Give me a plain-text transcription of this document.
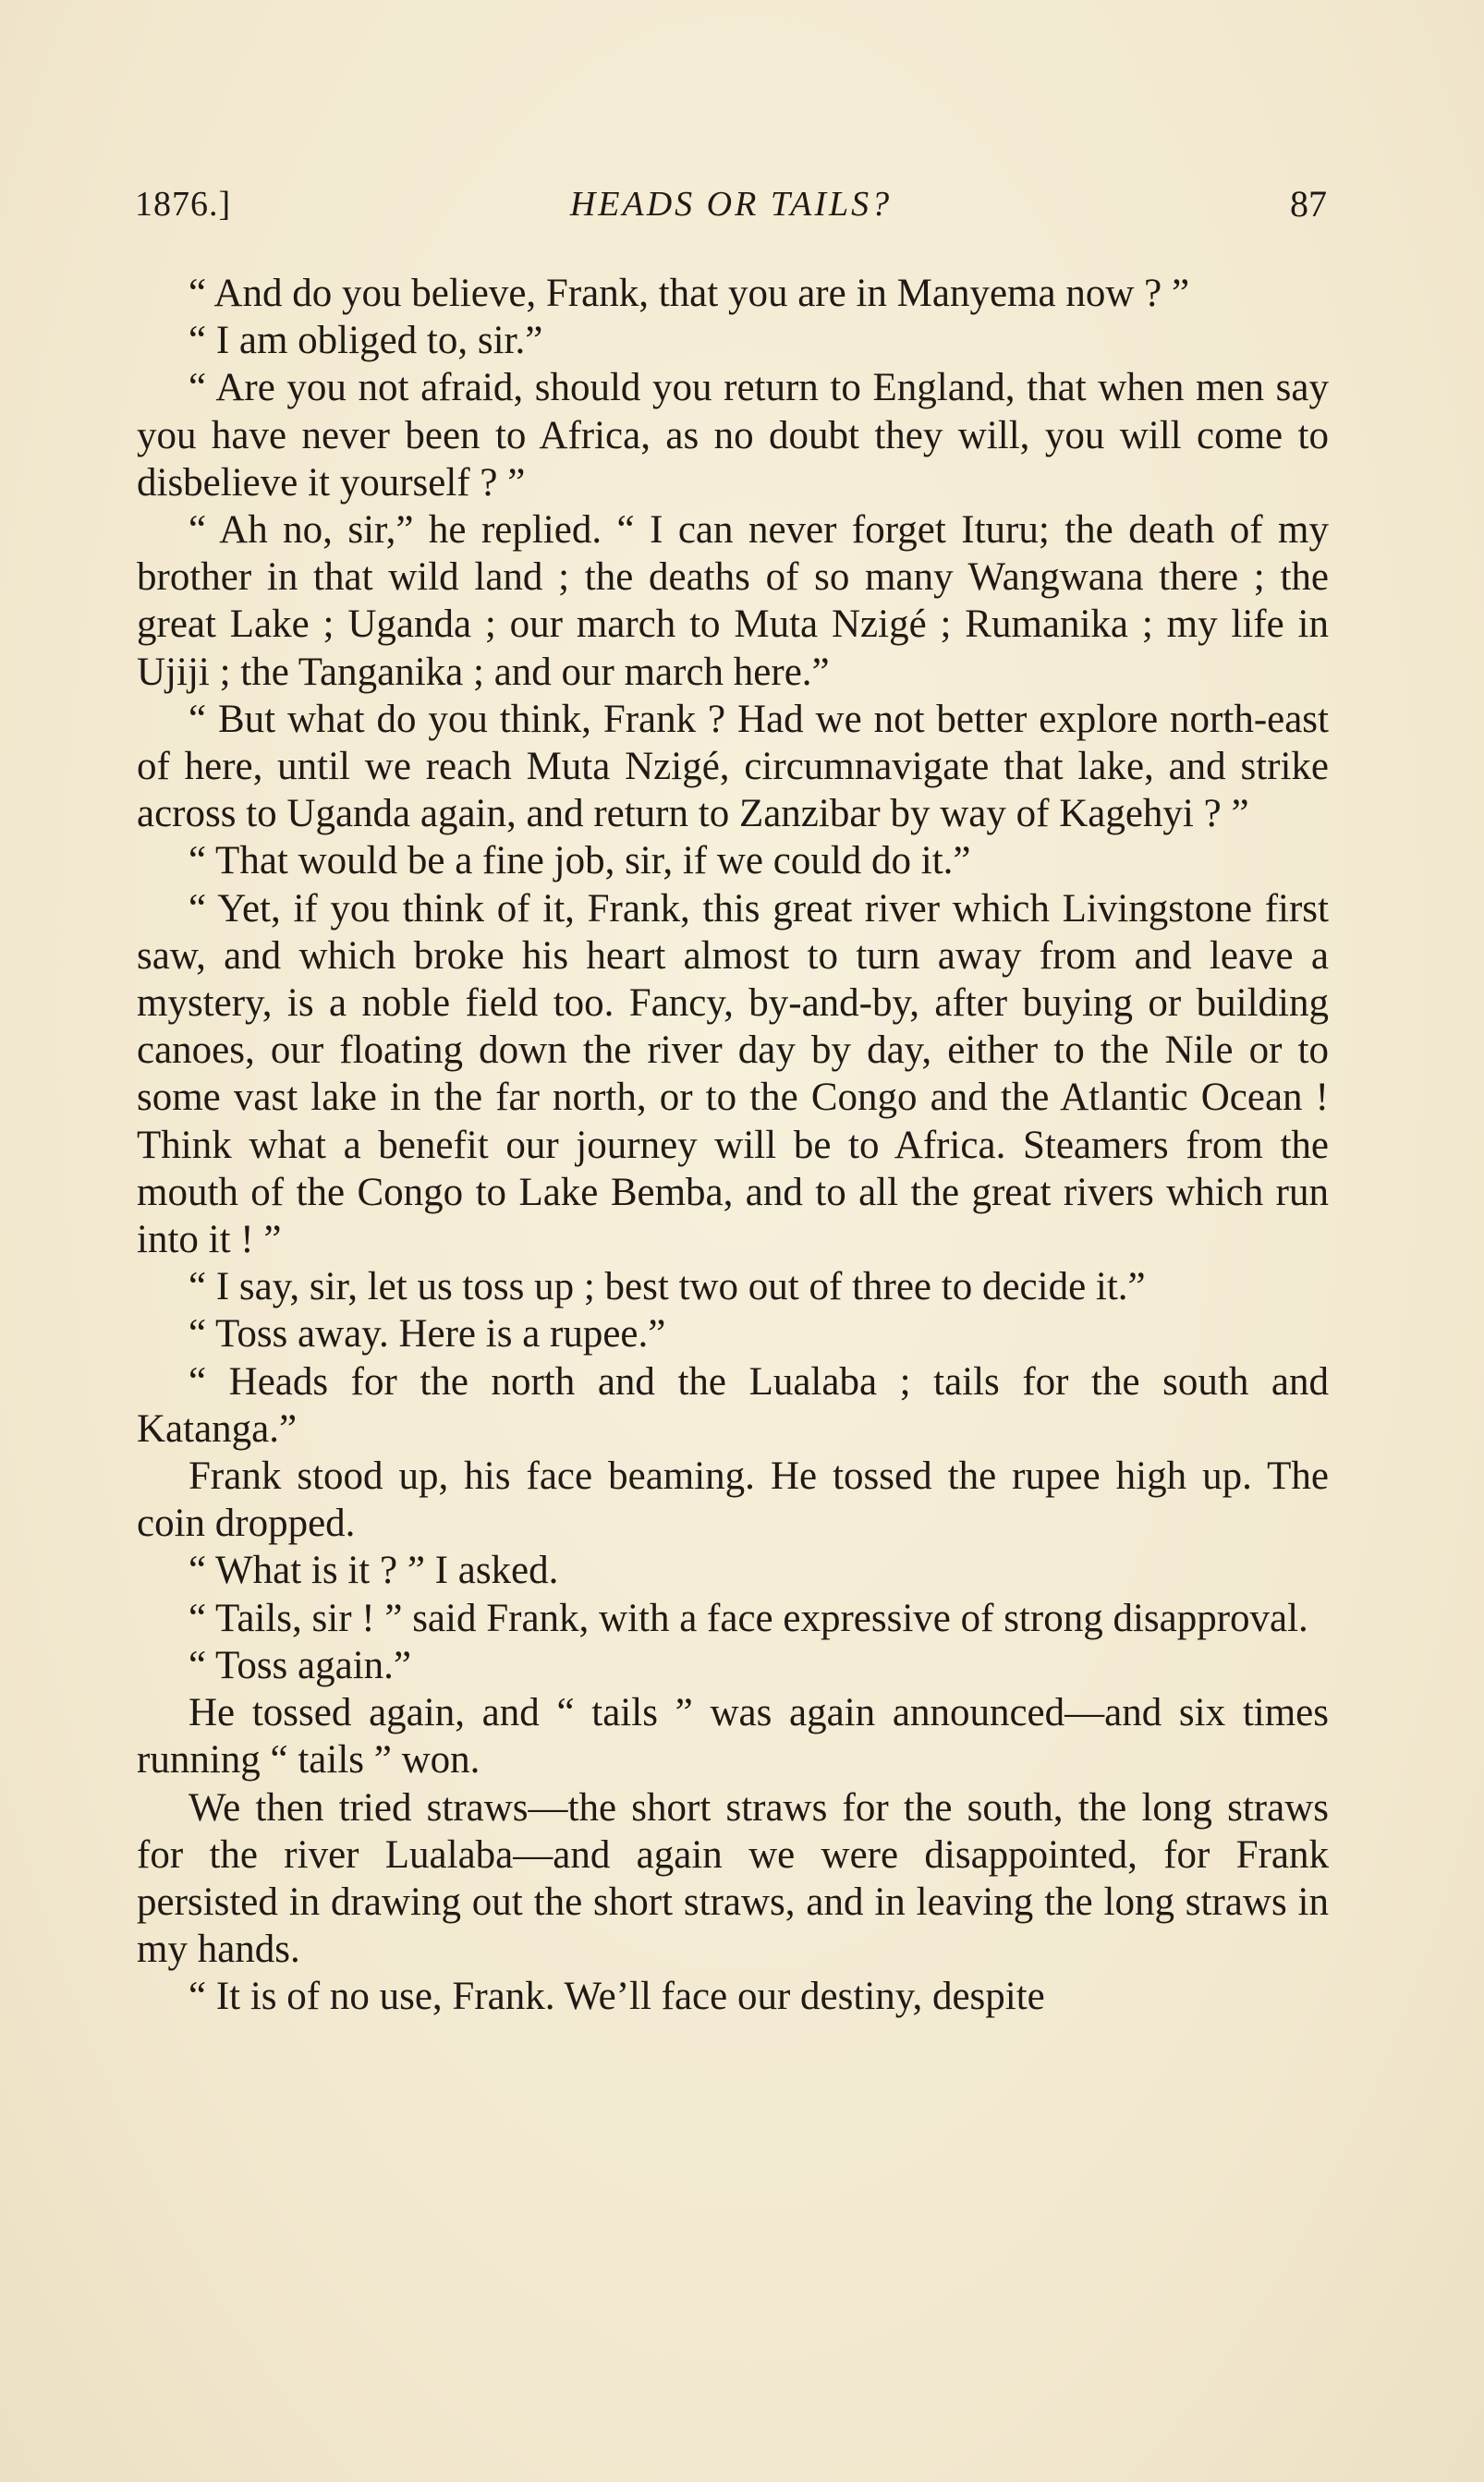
1876.]	HEADS OR TAILS?	87

“ And do you believe, Frank, that you are in Manyema now ? ”

“ I am obliged to, sir.”

“ Are you not afraid, should you return to England, that when men say you have never been to Africa, as no doubt they will, you will come to disbelieve it yourself ? ”

“ Ah no, sir,” he replied. “ I can never forget Ituru; the death of my brother in that wild land ; the deaths of so many Wangwana there ; the great Lake ; Uganda ; our march to Muta Nzigé ; Rumanika ; my life in Ujiji ; the Tanganika ; and our march here.”

“ But what do you think, Frank ? Had we not better explore north-east of here, until we reach Muta Nzigé, circumnavigate that lake, and strike across to Uganda again, and return to Zanzibar by way of Kagehyi ? ”

“ That would be a fine job, sir, if we could do it.”

“ Yet, if you think of it, Frank, this great river which Livingstone first saw, and which broke his heart almost to turn away from and leave a mystery, is a noble field too. Fancy, by-and-by, after buying or building canoes, our floating down the river day by day, either to the Nile or to some vast lake in the far north, or to the Congo and the Atlantic Ocean ! Think what a benefit our journey will be to Africa. Steamers from the mouth of the Congo to Lake Bemba, and to all the great rivers which run into it ! ”

“ I say, sir, let us toss up ; best two out of three to decide it.”

“ Toss away. Here is a rupee.”

“ Heads for the north and the Lualaba ; tails for the south and Katanga.”

Frank stood up, his face beaming. He tossed the rupee high up. The coin dropped.

“ What is it ? ” I asked.

“ Tails, sir ! ” said Frank, with a face expressive of strong disapproval.

“ Toss again.”

He tossed again, and “ tails ” was again announced—and six times running “ tails ” won.

We then tried straws—the short straws for the south, the long straws for the river Lualaba—and again we were disappointed, for Frank persisted in drawing out the short straws, and in leaving the long straws in my hands.

“ It is of no use, Frank. We’ll face our destiny, despite
